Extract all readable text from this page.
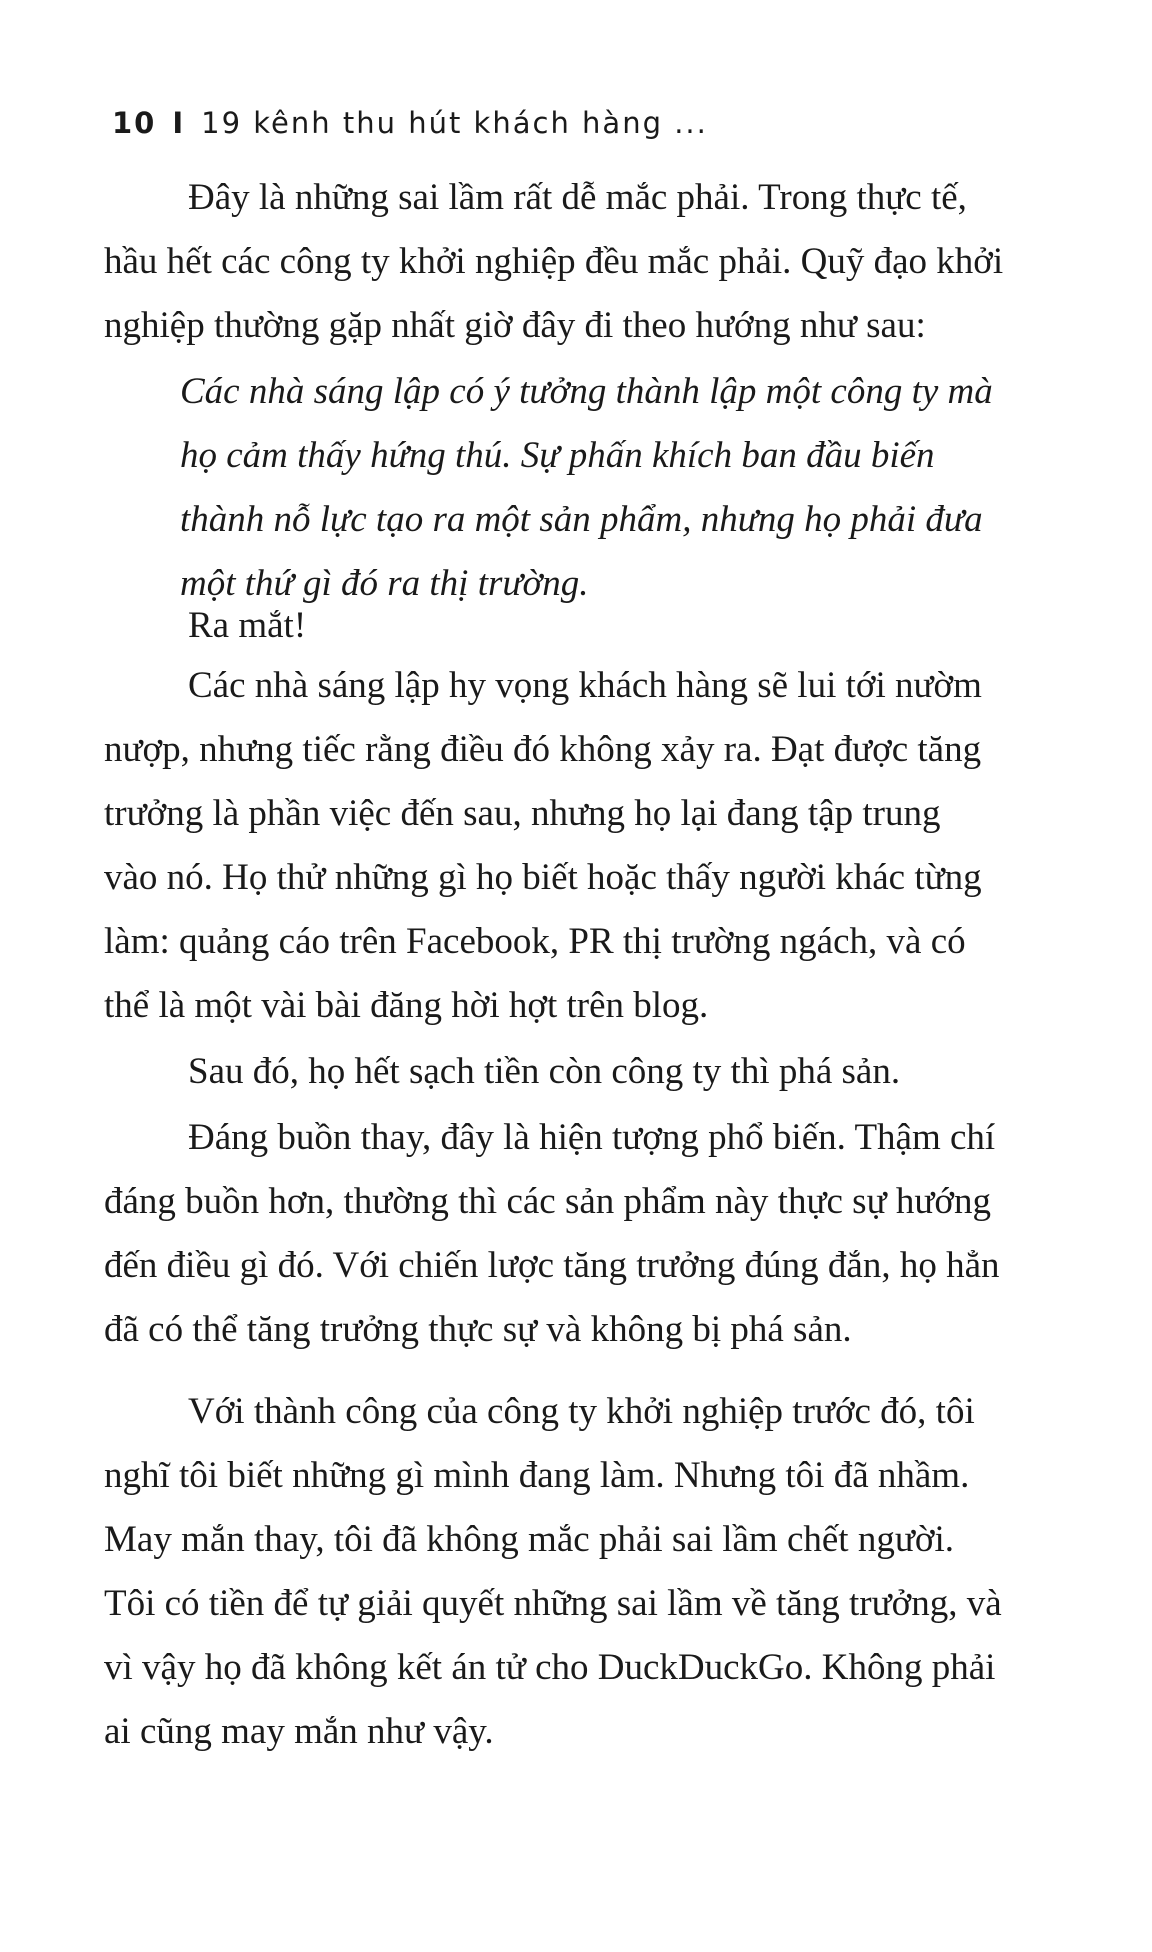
10 I 19 kênh thu hút khách hàng ...
Đây là những sai lầm rất dễ mắc phải. Trong thực tế,
hầu hết các công ty khởi nghiệp đều mắc phải. Quỹ đạo khởi
nghiệp thường gặp nhất giờ đây đi theo hướng như sau:
Các nhà sáng lập có ý tưởng thành lập một công ty mà
họ cảm thấy hứng thú. Sự phấn khích ban đầu biến
thành nỗ lực tạo ra một sản phẩm, nhưng họ phải đưa
một thứ gì đó ra thị trường.
Ra mắt!
Các nhà sáng lập hy vọng khách hàng sẽ lui tới nườm
nượp, nhưng tiếc rằng điều đó không xảy ra. Đạt được tăng
trưởng là phần việc đến sau, nhưng họ lại đang tập trung
vào nó. Họ thử những gì họ biết hoặc thấy người khác từng
làm: quảng cáo trên Facebook, PR thị trường ngách, và có
thể là một vài bài đăng hời hợt trên blog.
Sau đó, họ hết sạch tiền còn công ty thì phá sản.
Đáng buồn thay, đây là hiện tượng phổ biến. Thậm chí
đáng buồn hơn, thường thì các sản phẩm này thực sự hướng
đến điều gì đó. Với chiến lược tăng trưởng đúng đắn, họ hẳn
đã có thể tăng trưởng thực sự và không bị phá sản.
Với thành công của công ty khởi nghiệp trước đó, tôi
nghĩ tôi biết những gì mình đang làm. Nhưng tôi đã nhầm.
May mắn thay, tôi đã không mắc phải sai lầm chết người.
Tôi có tiền để tự giải quyết những sai lầm về tăng trưởng, và
vì vậy họ đã không kết án tử cho DuckDuckGo. Không phải
ai cũng may mắn như vậy.
